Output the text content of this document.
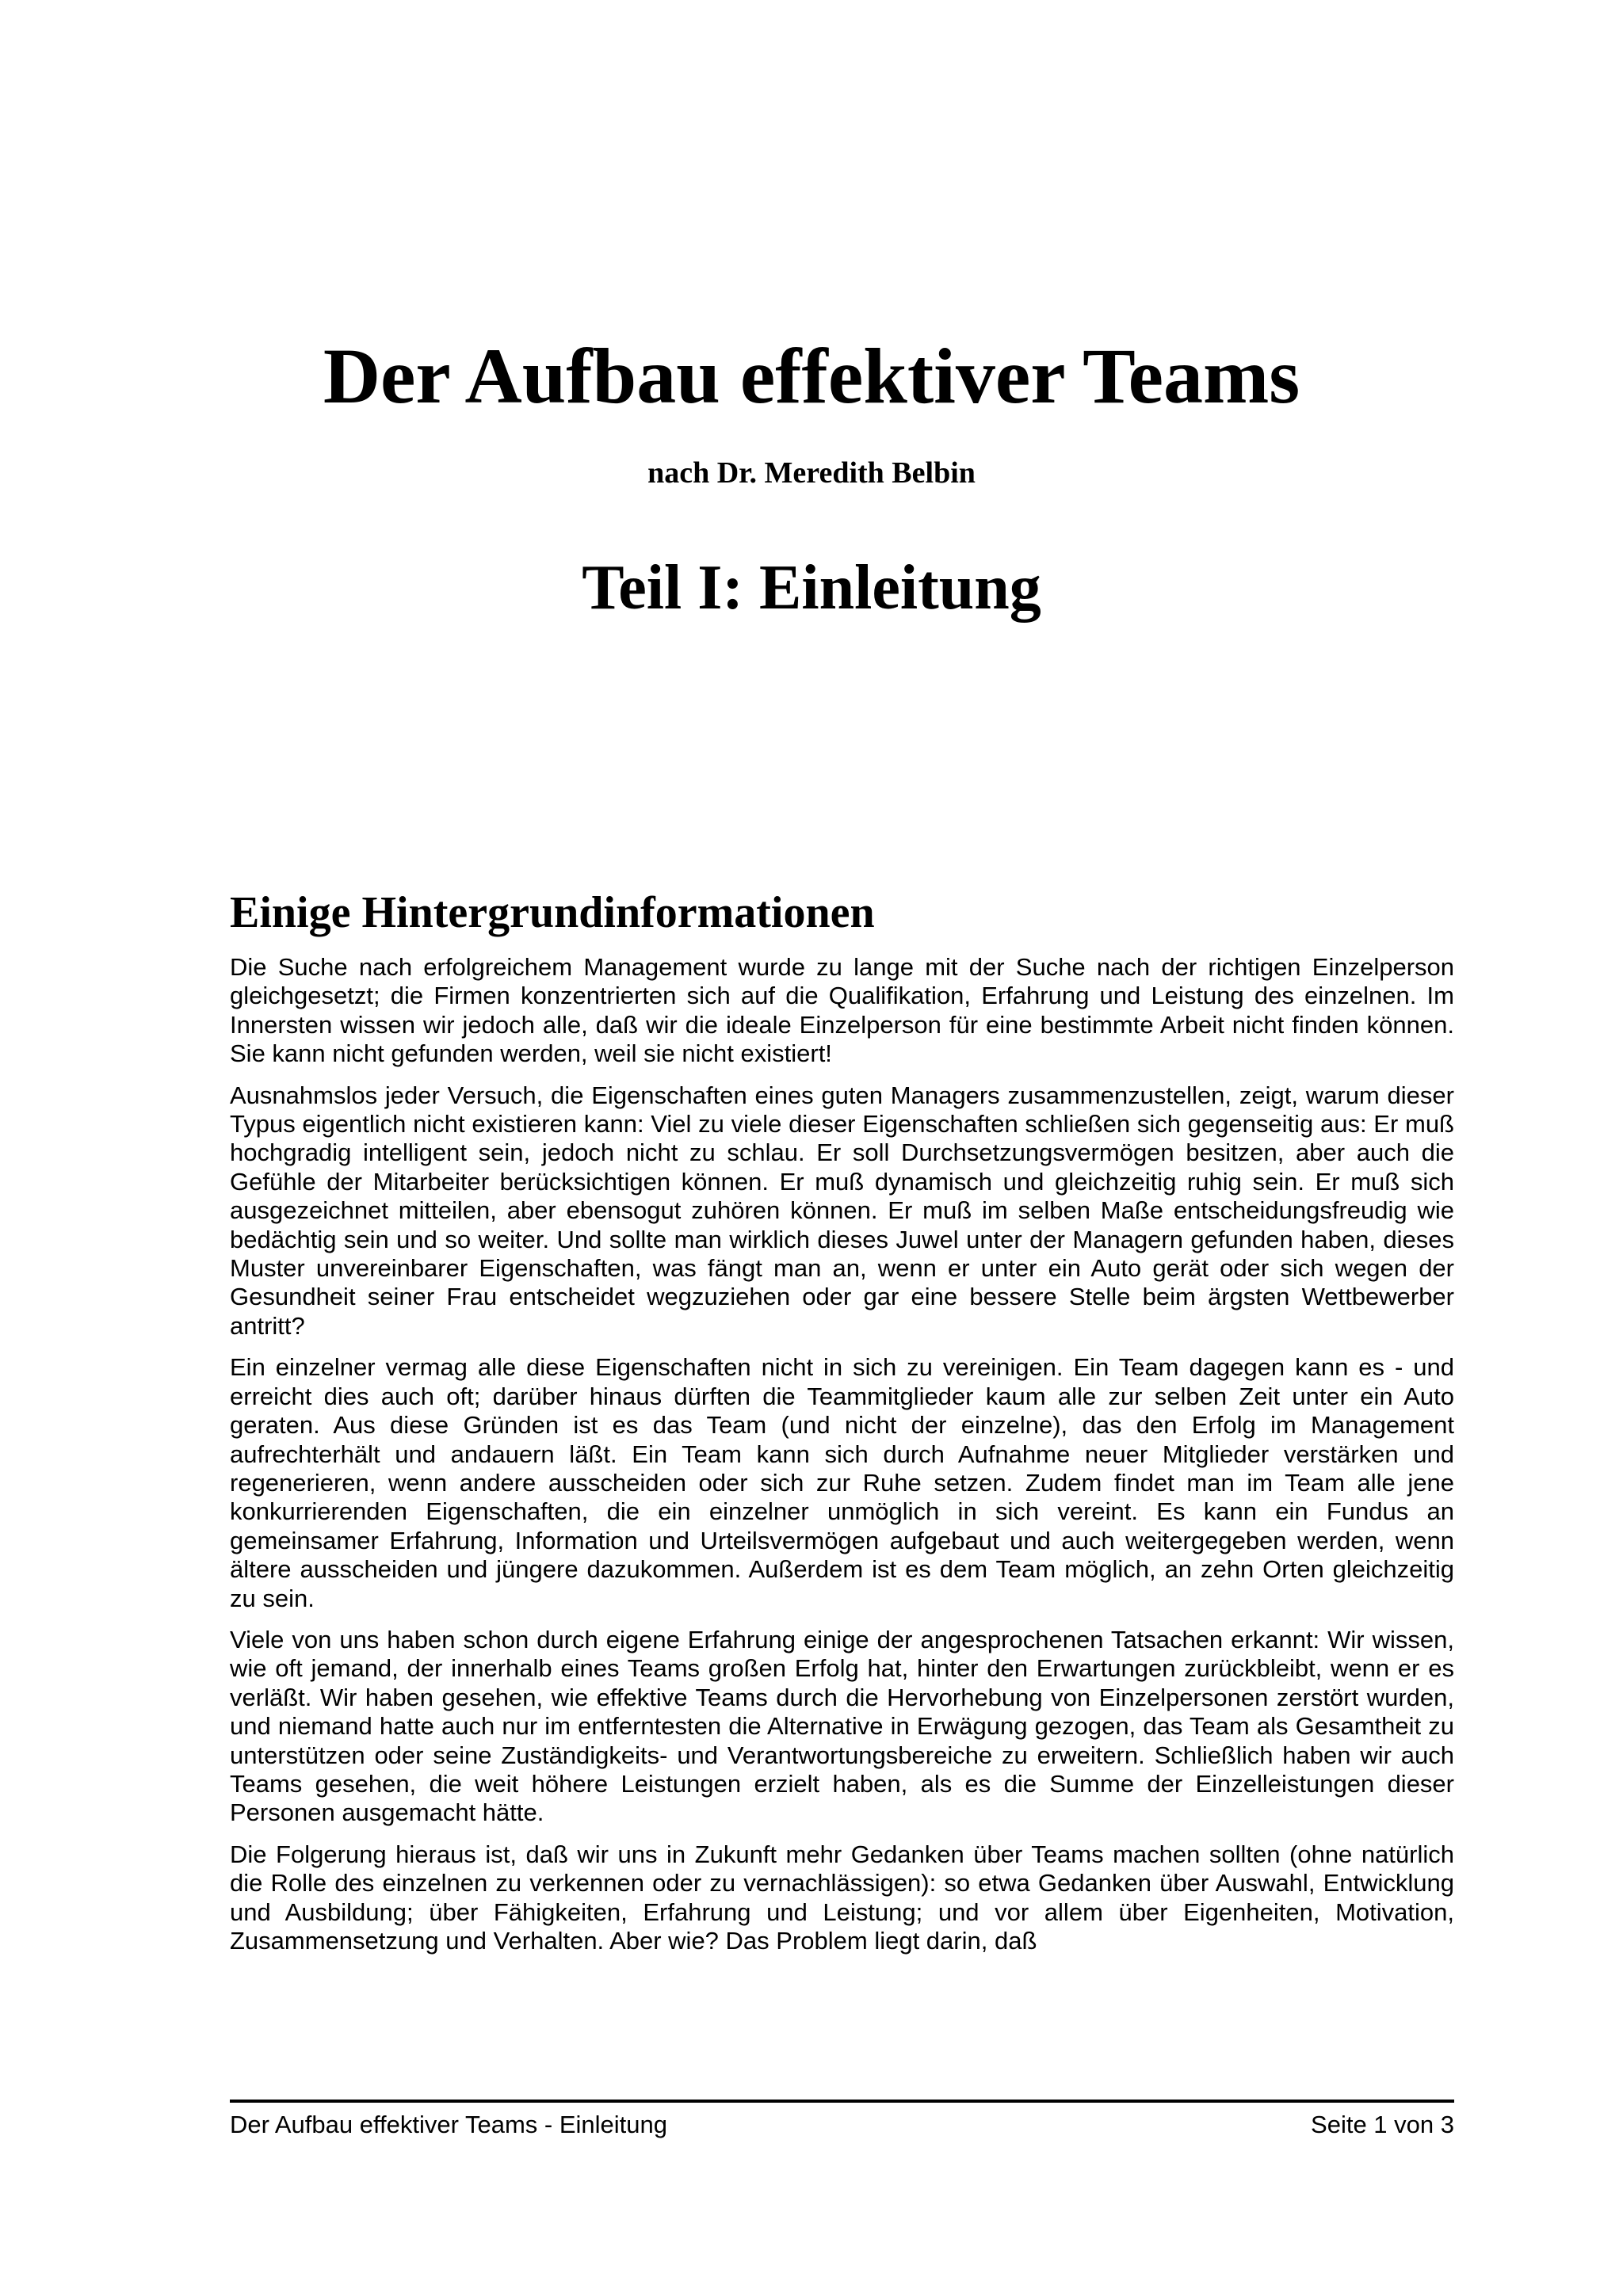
Der Aufbau effektiver Teams
nach Dr. Meredith Belbin
Teil I: Einleitung
Einige Hintergrundinformationen

Die Suche nach erfolgreichem Management wurde zu lange mit der Suche nach der richtigen Einzelperson gleichgesetzt; die Firmen konzentrierten sich auf die Qualifikation, Erfahrung und Leistung des einzelnen. Im Innersten wissen wir jedoch alle, daß wir die ideale Einzelperson für eine bestimmte Arbeit nicht finden können. Sie kann nicht gefunden werden, weil sie nicht existiert!

Ausnahmslos jeder Versuch, die Eigenschaften eines guten Managers zusammenzustellen, zeigt, warum dieser Typus eigentlich nicht existieren kann: Viel zu viele dieser Eigenschaften schließen sich gegenseitig aus: Er muß hochgradig intelligent sein, jedoch nicht zu schlau. Er soll Durchsetzungsvermögen besitzen, aber auch die Gefühle der Mitarbeiter berücksichtigen können. Er muß dynamisch und gleichzeitig ruhig sein. Er muß sich ausgezeichnet mitteilen, aber ebensogut zuhören können. Er muß im selben Maße entscheidungsfreudig wie bedächtig sein und so weiter. Und sollte man wirklich dieses Juwel unter der Managern gefunden haben, dieses Muster unvereinbarer Eigenschaften, was fängt man an, wenn er unter ein Auto gerät oder sich wegen der Gesundheit seiner Frau entscheidet wegzuziehen oder gar eine bessere Stelle beim ärgsten Wettbewerber antritt?

Ein einzelner vermag alle diese Eigenschaften nicht in sich zu vereinigen. Ein Team dagegen kann es - und erreicht dies auch oft; darüber hinaus dürften die Teammitglieder kaum alle zur selben Zeit unter ein Auto geraten. Aus diese Gründen ist es das Team (und nicht der einzelne), das den Erfolg im Management aufrechterhält und andauern läßt. Ein Team kann sich durch Aufnahme neuer Mitglieder verstärken und regenerieren, wenn andere ausscheiden oder sich zur Ruhe setzen. Zudem findet man im Team alle jene konkurrierenden Eigenschaften, die ein einzelner unmöglich in sich vereint. Es kann ein Fundus an gemeinsamer Erfahrung, Information und Urteilsvermögen aufgebaut und auch weitergegeben werden, wenn ältere ausscheiden und jüngere dazukommen. Außerdem ist es dem Team möglich, an zehn Orten gleichzeitig zu sein.

Viele von uns haben schon durch eigene Erfahrung einige der angesprochenen Tatsachen erkannt: Wir wissen, wie oft jemand, der innerhalb eines Teams großen Erfolg hat, hinter den Erwartungen zurückbleibt, wenn er es verläßt. Wir haben gesehen, wie effektive Teams durch die Hervorhebung von Einzelpersonen zerstört wurden, und niemand hatte auch nur im entferntesten die Alternative in Erwägung gezogen, das Team als Gesamtheit zu unterstützen oder seine Zuständigkeits- und Verantwortungsbereiche zu erweitern. Schließlich haben wir auch Teams gesehen, die weit höhere Leistungen erzielt haben, als es die Summe der Einzelleistungen dieser Personen ausgemacht hätte.

Die Folgerung hieraus ist, daß wir uns in Zukunft mehr Gedanken über Teams machen sollten (ohne natürlich die Rolle des einzelnen zu verkennen oder zu vernachlässigen): so etwa Gedanken über Auswahl, Entwicklung und Ausbildung; über Fähigkeiten, Erfahrung und Leistung; und vor allem über Eigenheiten, Motivation, Zusammensetzung und Verhalten. Aber wie? Das Problem liegt darin, daß

Der Aufbau effektiver Teams - Einleitung	Seite 1 von 3
